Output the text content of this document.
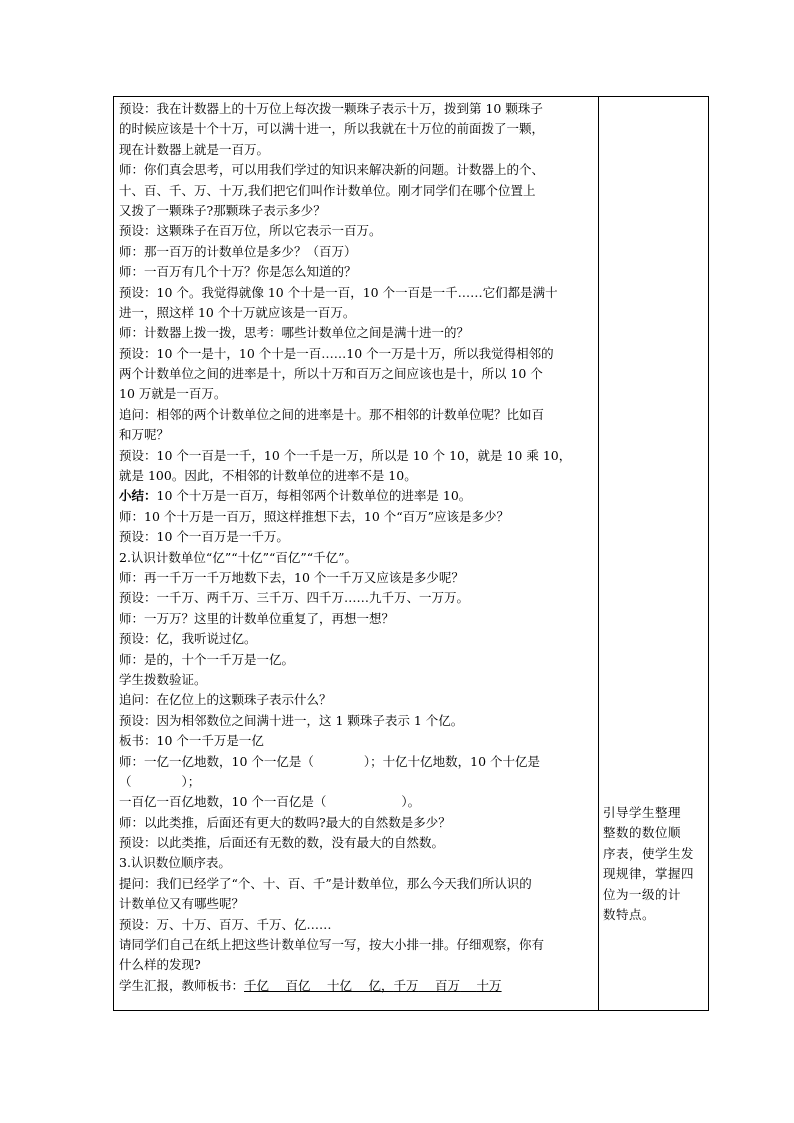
预设：我在计数器上的十万位上每次拨一颗珠子表示十万，拨到第 10 颗珠子
的时候应该是十个十万，可以满十进一，所以我就在十万位的前面拨了一颗，
现在计数器上就是一百万。
师：你们真会思考，可以用我们学过的知识来解决新的问题。计数器上的个、
十、百、千、万、十万,我们把它们叫作计数单位。刚才同学们在哪个位置上
又拨了一颗珠子?那颗珠子表示多少？
预设：这颗珠子在百万位，所以它表示一百万。
师：那一百万的计数单位是多少？（百万）
师：一百万有几个十万？你是怎么知道的？
预设：10 个。我觉得就像 10 个十是一百，10 个一百是一千……它们都是满十
进一，照这样 10 个十万就应该是一百万。
师：计数器上拨一拨，思考：哪些计数单位之间是满十进一的？
预设：10 个一是十，10 个十是一百……10 个一万是十万，所以我觉得相邻的
两个计数单位之间的进率是十，所以十万和百万之间应该也是十，所以 10 个
10 万就是一百万。
追问：相邻的两个计数单位之间的进率是十。那不相邻的计数单位呢？比如百
和万呢？
预设：10 个一百是一千，10 个一千是一万，所以是 10 个 10，就是 10 乘 10，
就是 100。因此，不相邻的计数单位的进率不是 10。
小结：10 个十万是一百万，每相邻两个计数单位的进率是 10。
师：10 个十万是一百万，照这样推想下去，10 个“百万”应该是多少？
预设：10 个一百万是一千万。
2.认识计数单位“亿”“十亿”“百亿”“千亿”。
师：再一千万一千万地数下去，10 个一千万又应该是多少呢？
预设：一千万、两千万、三千万、四千万……九千万、一万万。
师：一万万？这里的计数单位重复了，再想一想？
预设：亿，我听说过亿。
师：是的，十个一千万是一亿。
学生拨数验证。
追问：在亿位上的这颗珠子表示什么？
预设：因为相邻数位之间满十进一，这 1 颗珠子表示 1 个亿。
板书：10 个一千万是一亿
师：一亿一亿地数，10 个一亿是（　　　　）；十亿十亿地数，10 个十亿是
（　　　　）；
一百亿一百亿地数，10 个一百亿是（　　　　　　）。
师：以此类推，后面还有更大的数吗?最大的自然数是多少？
预设：以此类推，后面还有无数的数，没有最大的自然数。
3.认识数位顺序表。
提问：我们已经学了“个、十、百、千”是计数单位，那么今天我们所认识的
计数单位又有哪些呢？
预设：万、十万、百万、千万、亿……
请同学们自己在纸上把这些计数单位写一写，按大小排一排。仔细观察，你有
什么样的发现?
学生汇报，教师板书：千亿　 百亿　 十亿　 亿，千万　 百万　 十万
引导学生整理
整数的数位顺
序表，使学生发
现规律，掌握四
位为一级的计
数特点。
